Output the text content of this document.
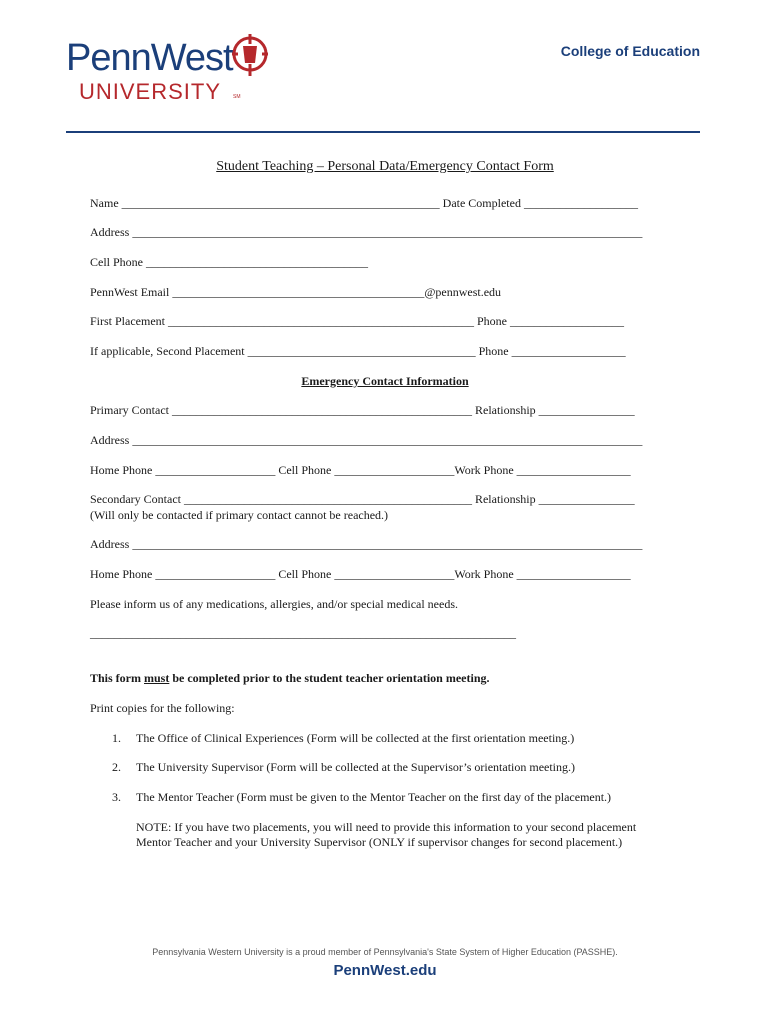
PennWest
UNIVERSITY SM
College of Education
Student Teaching – Personal Data/Emergency Contact Form
Name _____________________________________________________ Date Completed ___________________
Address _____________________________________________________________________________________
Cell Phone _____________________________________
PennWest Email __________________________________________@pennwest.edu
First Placement ___________________________________________________ Phone ___________________
If applicable, Second Placement ______________________________________ Phone ___________________
Emergency Contact Information
Primary Contact __________________________________________________ Relationship ________________
Address _____________________________________________________________________________________
Home Phone ____________________ Cell Phone ____________________Work Phone ___________________
Secondary Contact ________________________________________________ Relationship ________________
(Will only be contacted if primary contact cannot be reached.)
Address _____________________________________________________________________________________
Home Phone ____________________ Cell Phone ____________________Work Phone ___________________
Please inform us of any medications, allergies, and/or special medical needs.
_______________________________________________________________________
This form must be completed prior to the student teacher orientation meeting.
Print copies for the following:
1. The Office of Clinical Experiences (Form will be collected at the first orientation meeting.)
2. The University Supervisor (Form will be collected at the Supervisor’s orientation meeting.)
3. The Mentor Teacher (Form must be given to the Mentor Teacher on the first day of the placement.)
NOTE: If you have two placements, you will need to provide this information to your second placement
Mentor Teacher and your University Supervisor (ONLY if supervisor changes for second placement.)
Pennsylvania Western University is a proud member of Pennsylvania's State System of Higher Education (PASSHE).
PennWest.edu
